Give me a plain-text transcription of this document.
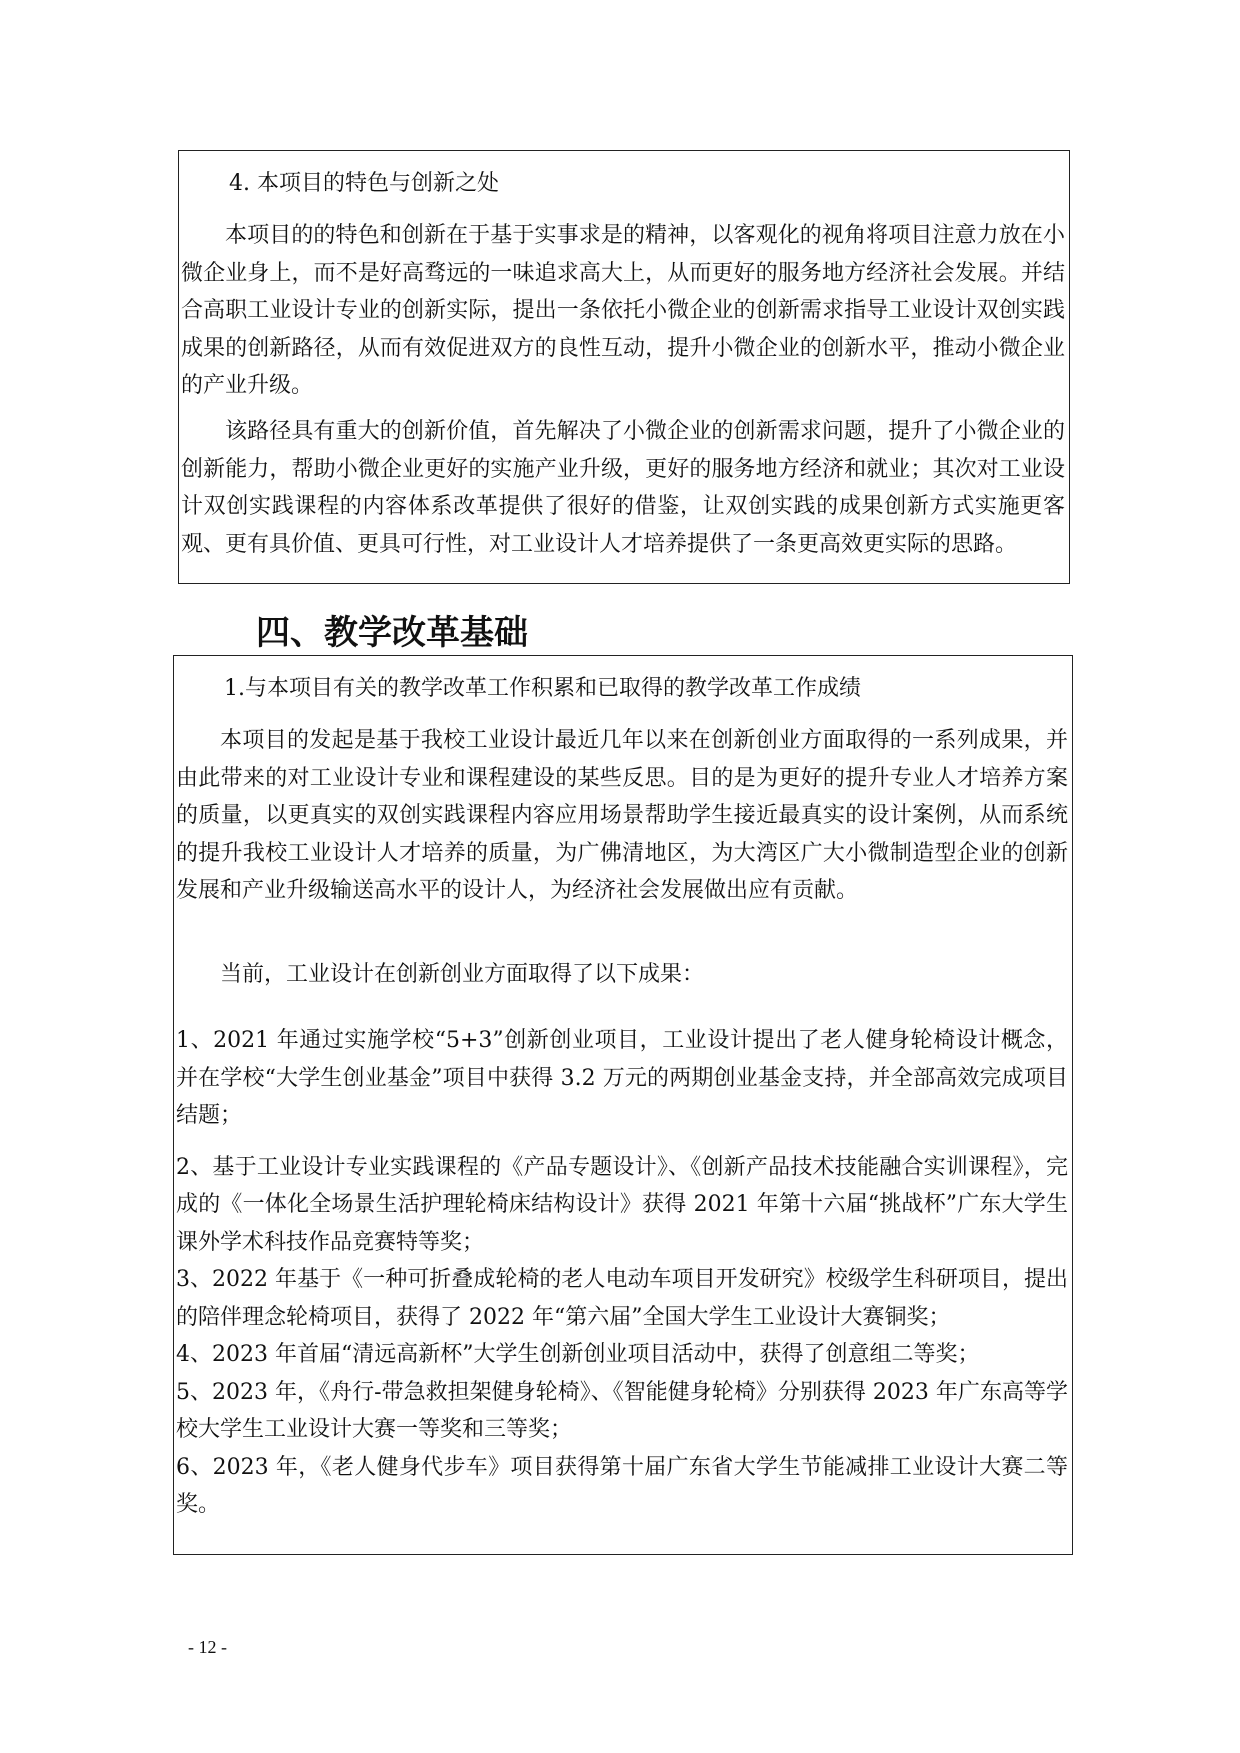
4. 本项目的特色与创新之处

本项目的的特色和创新在于基于实事求是的精神，以客观化的视角将项目注意力放在小微企业身上，而不是好高骛远的一味追求高大上，从而更好的服务地方经济社会发展。并结合高职工业设计专业的创新实际，提出一条依托小微企业的创新需求指导工业设计双创实践成果的创新路径，从而有效促进双方的良性互动，提升小微企业的创新水平，推动小微企业的产业升级。

该路径具有重大的创新价值，首先解决了小微企业的创新需求问题，提升了小微企业的创新能力，帮助小微企业更好的实施产业升级，更好的服务地方经济和就业；其次对工业设计双创实践课程的内容体系改革提供了很好的借鉴，让双创实践的成果创新方式实施更客观、更有具价值、更具可行性，对工业设计人才培养提供了一条更高效更实际的思路。

四、教学改革基础

1.与本项目有关的教学改革工作积累和已取得的教学改革工作成绩

本项目的发起是基于我校工业设计最近几年以来在创新创业方面取得的一系列成果，并由此带来的对工业设计专业和课程建设的某些反思。目的是为更好的提升专业人才培养方案的质量，以更真实的双创实践课程内容应用场景帮助学生接近最真实的设计案例，从而系统的提升我校工业设计人才培养的质量，为广佛清地区，为大湾区广大小微制造型企业的创新发展和产业升级输送高水平的设计人，为经济社会发展做出应有贡献。

当前，工业设计在创新创业方面取得了以下成果：

1、2021 年通过实施学校“5+3”创新创业项目，工业设计提出了老人健身轮椅设计概念，并在学校“大学生创业基金”项目中获得 3.2 万元的两期创业基金支持，并全部高效完成项目结题；

2、基于工业设计专业实践课程的《产品专题设计》、《创新产品技术技能融合实训课程》，完成的《一体化全场景生活护理轮椅床结构设计》获得 2021 年第十六届“挑战杯”广东大学生课外学术科技作品竞赛特等奖；

3、2022 年基于《一种可折叠成轮椅的老人电动车项目开发研究》校级学生科研项目，提出的陪伴理念轮椅项目，获得了 2022 年“第六届”全国大学生工业设计大赛铜奖；

4、2023 年首届“清远高新杯”大学生创新创业项目活动中，获得了创意组二等奖；

5、2023 年，《舟行-带急救担架健身轮椅》、《智能健身轮椅》分别获得 2023 年广东高等学校大学生工业设计大赛一等奖和三等奖；

6、2023 年，《老人健身代步车》项目获得第十届广东省大学生节能减排工业设计大赛二等奖。

- 12 -
